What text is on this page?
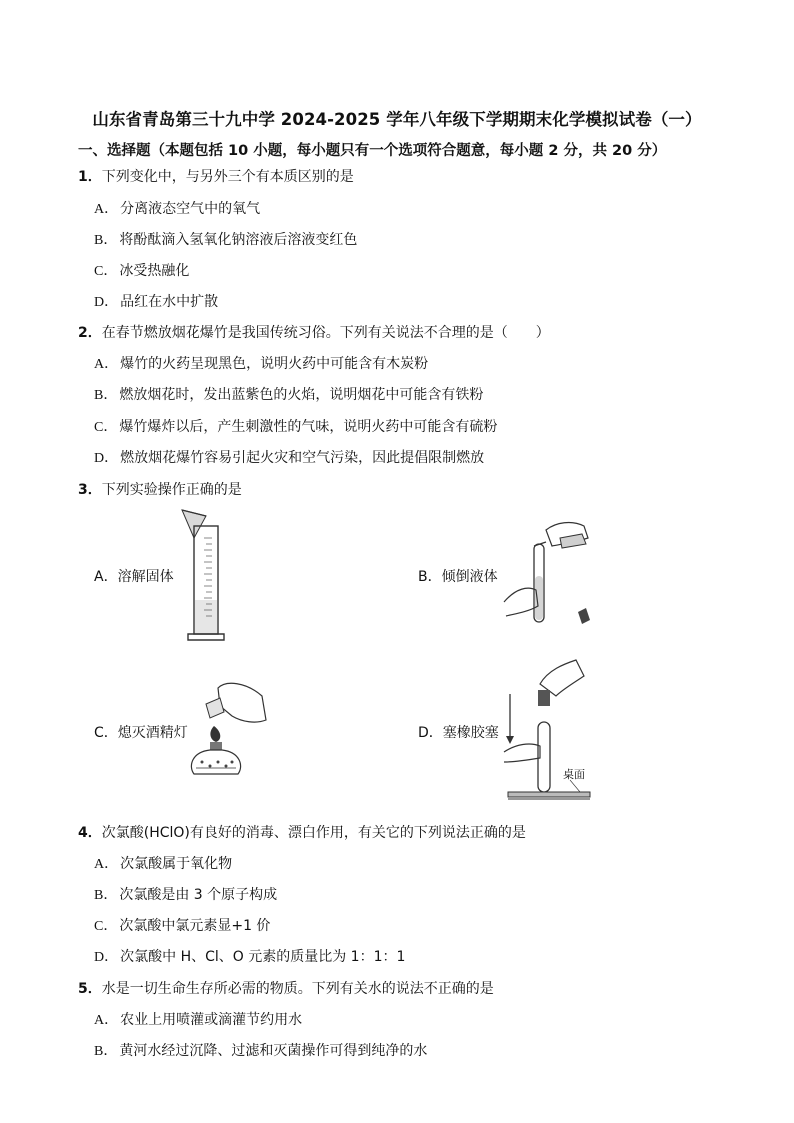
山东省青岛第三十九中学 2024-2025 学年八年级下学期期末化学模拟试卷（一）
一、选择题（本题包括 10 小题，每小题只有一个选项符合题意，每小题 2 分，共 20 分）
1．下列变化中，与另外三个有本质区别的是
A． 分离液态空气中的氧气
B． 将酚酞滴入氢氧化钠溶液后溶液变红色
C． 冰受热融化
D． 品红在水中扩散
2．在春节燃放烟花爆竹是我国传统习俗。下列有关说法不合理的是（　　）
A． 爆竹的火药呈现黑色，说明火药中可能含有木炭粉
B． 燃放烟花时，发出蓝紫色的火焰，说明烟花中可能含有铁粉
C． 爆竹爆炸以后，产生刺激性的气味，说明火药中可能含有硫粉
D． 燃放烟花爆竹容易引起火灾和空气污染，因此提倡限制燃放
3．下列实验操作正确的是
A．溶解固体	B．倾倒液体
C．熄灭酒精灯	D．塞橡胶塞
桌面
4．次氯酸(HClO)有良好的消毒、漂白作用，有关它的下列说法正确的是
A． 次氯酸属于氧化物
B． 次氯酸是由 3 个原子构成
C． 次氯酸中氯元素显+1 价
D． 次氯酸中 H、Cl、O 元素的质量比为 1：1：1
5．水是一切生命生存所必需的物质。下列有关水的说法不正确的是
A． 农业上用喷灌或滴灌节约用水
B． 黄河水经过沉降、过滤和灭菌操作可得到纯净的水
